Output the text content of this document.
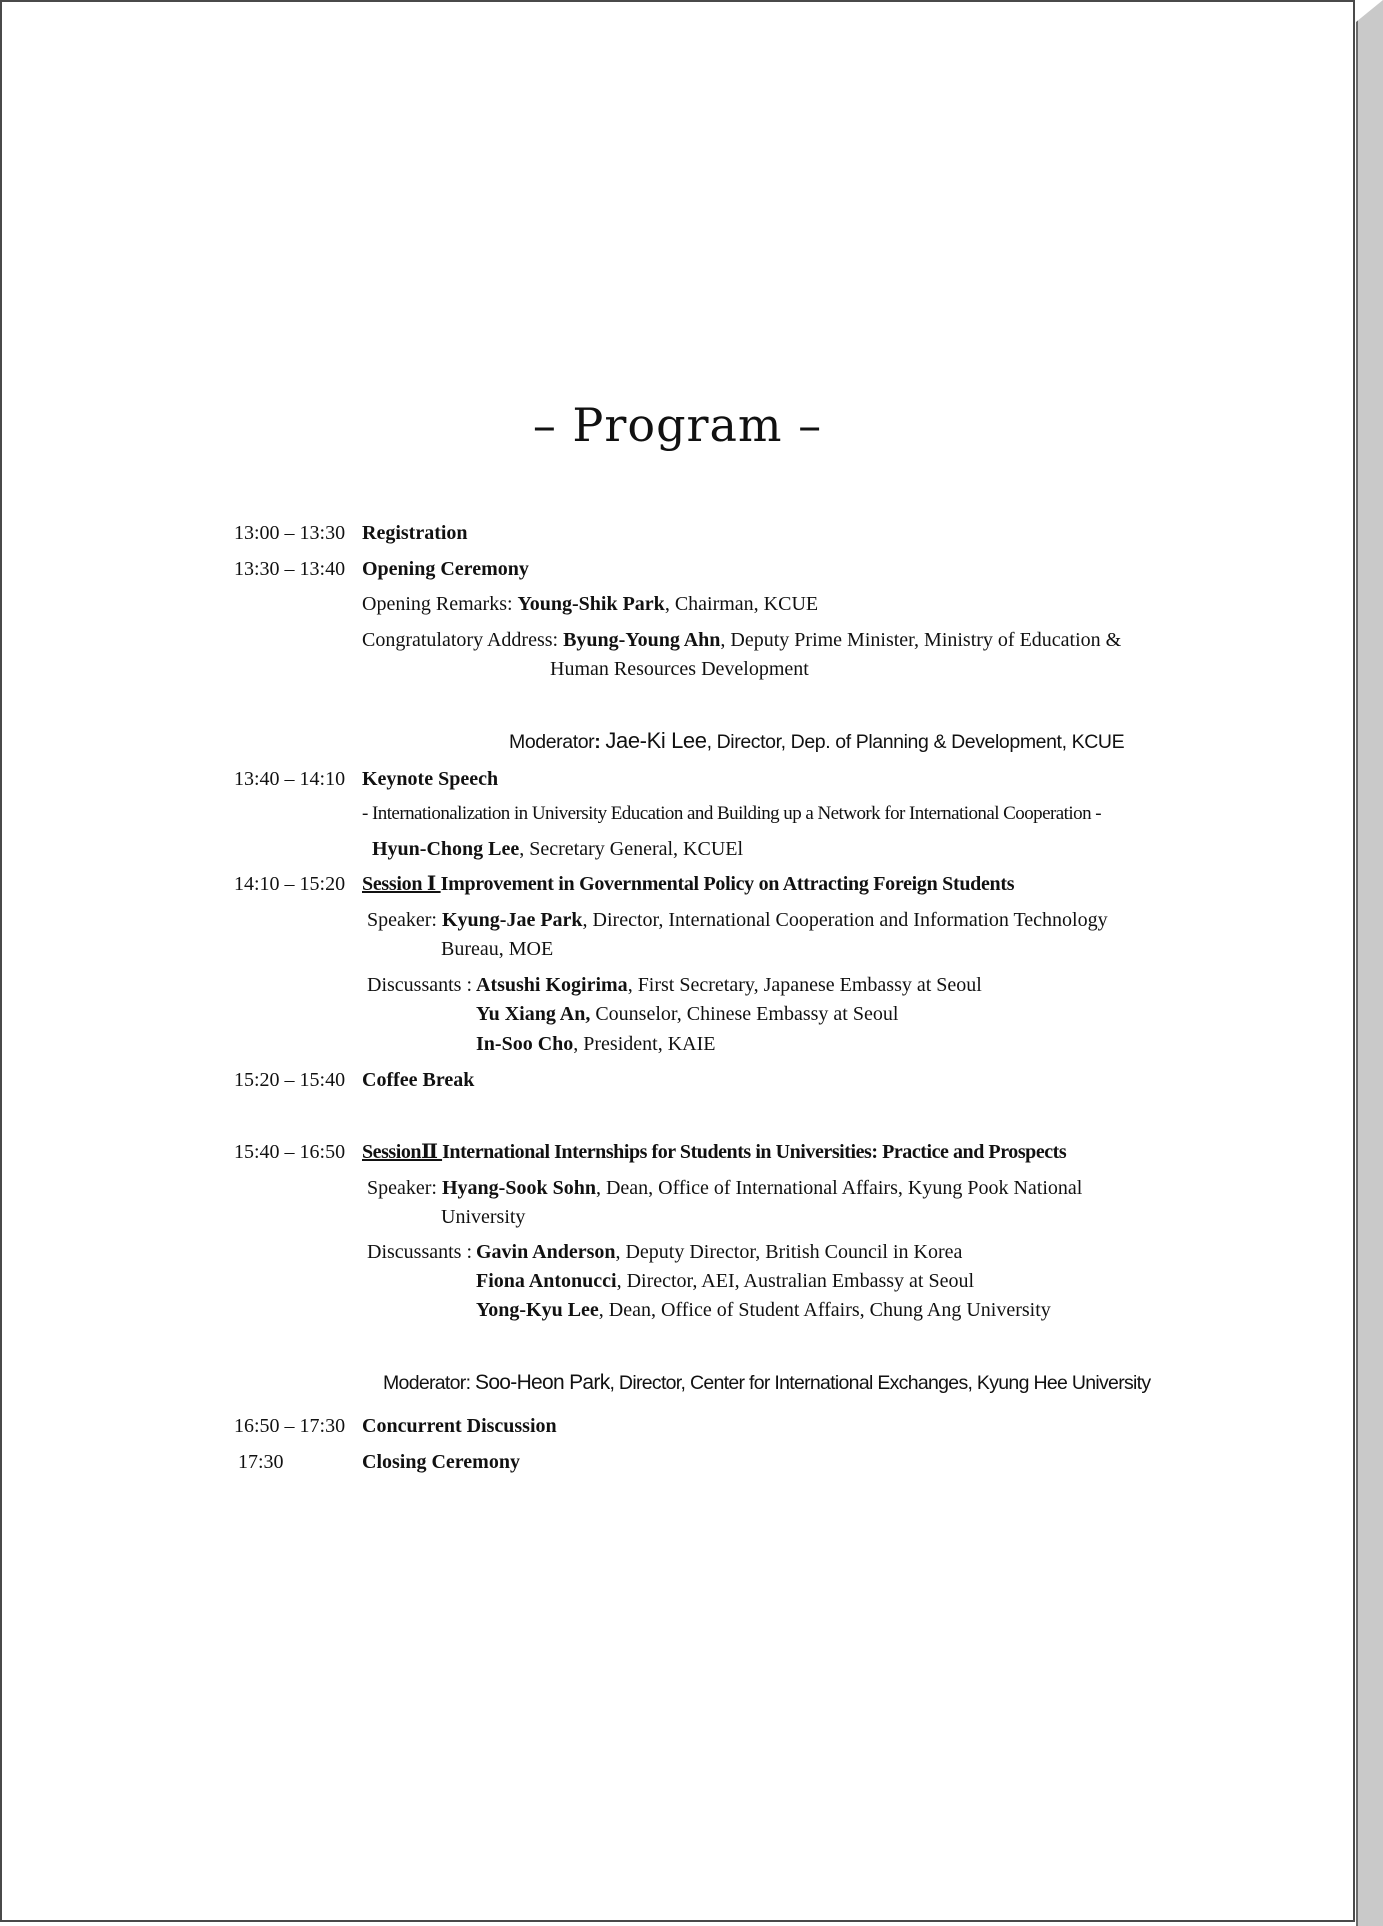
– Program –
13:00 – 13:30 Registration
13:30 – 13:40 Opening Ceremony
Opening Remarks: Young-Shik Park, Chairman, KCUE
Congratulatory Address: Byung-Young Ahn, Deputy Prime Minister, Ministry of Education &
Human Resources Development
Moderator: Jae-Ki Lee, Director, Dep. of Planning & Development, KCUE
13:40 – 14:10 Keynote Speech
- Internationalization in University Education and Building up a Network for International Cooperation -
Hyun-Chong Lee, Secretary General, KCUEl
14:10 – 15:20 Session Ⅰ Improvement in Governmental Policy on Attracting Foreign Students
Speaker: Kyung-Jae Park, Director, International Cooperation and Information Technology
Bureau, MOE
Discussants : Atsushi Kogirima, First Secretary, Japanese Embassy at Seoul
Yu Xiang An, Counselor, Chinese Embassy at Seoul
In-Soo Cho, President, KAIE
15:20 – 15:40 Coffee Break
15:40 – 16:50 SessionⅡ International Internships for Students in Universities: Practice and Prospects
Speaker: Hyang-Sook Sohn, Dean, Office of International Affairs, Kyung Pook National
University
Discussants : Gavin Anderson, Deputy Director, British Council in Korea
Fiona Antonucci, Director, AEI, Australian Embassy at Seoul
Yong-Kyu Lee, Dean, Office of Student Affairs, Chung Ang University
Moderator: Soo-Heon Park, Director, Center for International Exchanges, Kyung Hee University
16:50 – 17:30 Concurrent Discussion
17:30	Closing Ceremony
